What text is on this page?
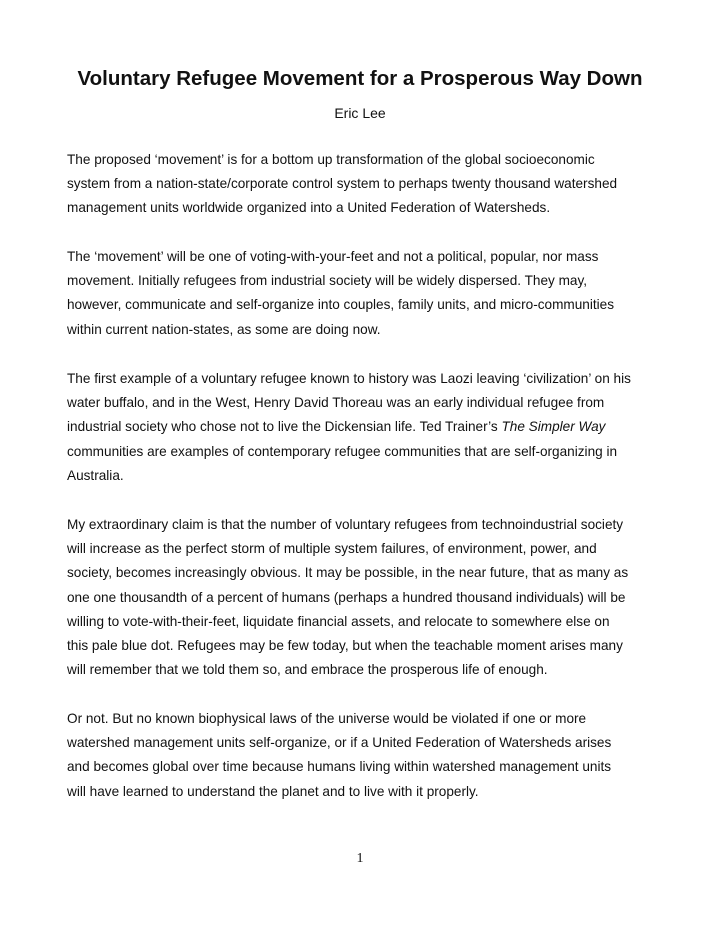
Voluntary Refugee Movement for a Prosperous Way Down

Eric Lee

The proposed ‘movement’ is for a bottom up transformation of the global socioeconomic
system from a nation-state/corporate control system to perhaps twenty thousand watershed
management units worldwide organized into a United Federation of Watersheds.

The ‘movement’ will be one of voting-with-your-feet and not a political, popular, nor mass
movement. Initially refugees from industrial society will be widely dispersed. They may,
however, communicate and self-organize into couples, family units, and micro-communities
within current nation-states, as some are doing now.

The first example of a voluntary refugee known to history was Laozi leaving ‘civilization’ on his
water buffalo, and in the West, Henry David Thoreau was an early individual refugee from
industrial society who chose not to live the Dickensian life. Ted Trainer’s The Simpler Way
communities are examples of contemporary refugee communities that are self-organizing in
Australia.

My extraordinary claim is that the number of voluntary refugees from technoindustrial society
will increase as the perfect storm of multiple system failures, of environment, power, and
society, becomes increasingly obvious. It may be possible, in the near future, that as many as
one one thousandth of a percent of humans (perhaps a hundred thousand individuals) will be
willing to vote-with-their-feet, liquidate financial assets, and relocate to somewhere else on
this pale blue dot. Refugees may be few today, but when the teachable moment arises many
will remember that we told them so, and embrace the prosperous life of enough.

Or not. But no known biophysical laws of the universe would be violated if one or more
watershed management units self-organize, or if a United Federation of Watersheds arises
and becomes global over time because humans living within watershed management units
will have learned to understand the planet and to live with it properly.

1
